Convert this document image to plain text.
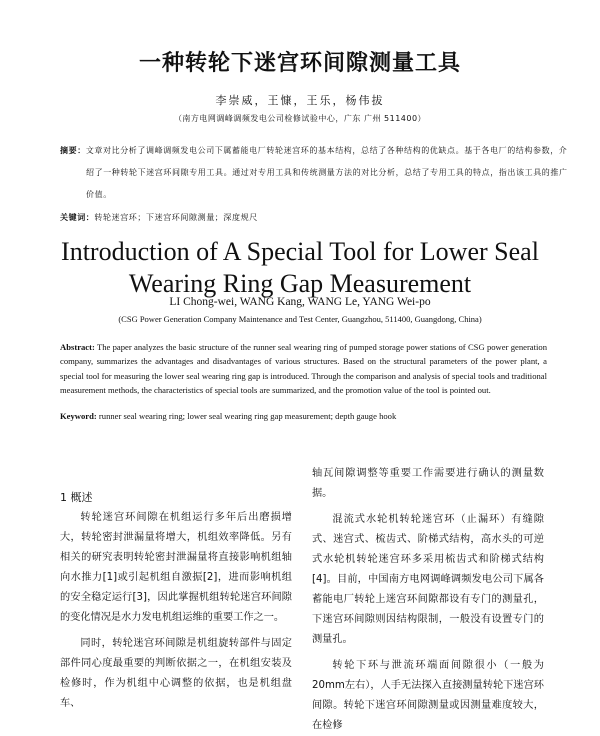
一种转轮下迷宫环间隙测量工具
李崇威，王慷，王乐，杨伟拔
（南方电网调峰调频发电公司检修试验中心，广东 广州 511400）
摘要：文章对比分析了调峰调频发电公司下属蓄能电厂转轮迷宫环的基本结构，总结了各种结构的优缺点。基于各电厂的结构参数，介绍了一种转轮下迷宫环间隙专用工具。通过对专用工具和传统测量方法的对比分析，总结了专用工具的特点，指出该工具的推广价值。
关键词：转轮迷宫环；下迷宫环间隙测量；深度规尺
Introduction of A Special Tool for Lower Seal
Wearing Ring Gap Measurement
LI Chong-wei, WANG Kang, WANG Le, YANG Wei-po
(CSG Power Generation Company Maintenance and Test Center, Guangzhou, 511400, Guangdong, China)
Abstract: The paper analyzes the basic structure of the runner seal wearing ring of pumped storage power stations of CSG power generation company, summarizes the advantages and disadvantages of various structures. Based on the structural parameters of the power plant, a special tool for measuring the lower seal wearing ring gap is introduced. Through the comparison and analysis of special tools and traditional measurement methods, the characteristics of special tools are summarized, and the promotion value of the tool is pointed out.
Keyword: runner seal wearing ring; lower seal wearing ring gap measurement; depth gauge hook

1 概述

转轮迷宫环间隙在机组运行多年后出磨损增大，转轮密封泄漏量将增大，机组效率降低。另有相关的研究表明转轮密封泄漏量将直接影响机组轴向水推力[1]或引起机组自激振[2]，进而影响机组的安全稳定运行[3]，因此掌握机组转轮迷宫环间隙的变化情况是水力发电机组运维的重要工作之一。

同时，转轮迷宫环间隙是机组旋转部件与固定部件同心度最重要的判断依据之一，在机组安装及检修时，作为机组中心调整的依据，也是机组盘车、

轴瓦间隙调整等重要工作需要进行确认的测量数据。

混流式水轮机转轮迷宫环（止漏环）有缝隙式、迷宫式、梳齿式、阶梯式结构，高水头的可逆式水轮机转轮迷宫环多采用梳齿式和阶梯式结构[4]。目前，中国南方电网调峰调频发电公司下属各蓄能电厂转轮上迷宫环间隙都设有专门的测量孔，下迷宫环间隙则因结构限制，一般没有设置专门的测量孔。

转轮下环与泄流环端面间隙很小（一般为20mm左右），人手无法探入直接测量转轮下迷宫环间隙。转轮下迷宫环间隙测量或因测量难度较大，在检修
